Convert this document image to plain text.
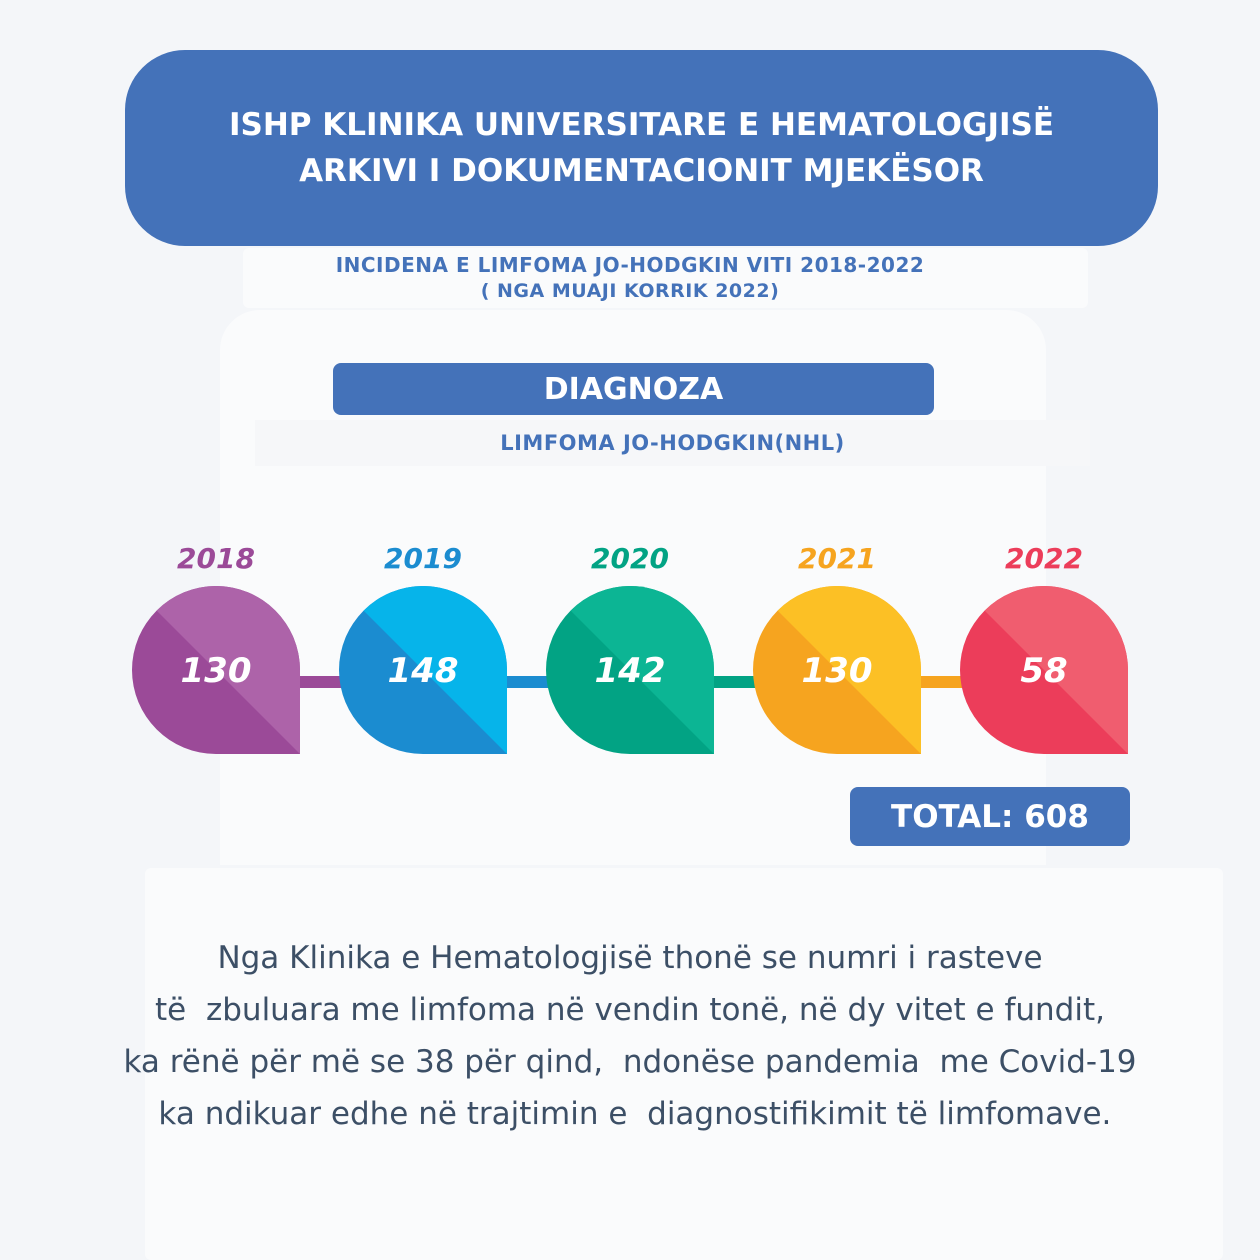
ISHP KLINIKA UNIVERSITARE E HEMATOLOGJISË
ARKIVI I DOKUMENTACIONIT MJEKËSOR
INCIDENA E LIMFOMA JO-HODGKIN VITI 2018-2022
( NGA MUAJI KORRIK 2022)
DIAGNOZA
LIMFOMA JO-HODGKIN(NHL)
130
2018
148
2019
142
2020
130
2021
58
2022
TOTAL: 608
Nga Klinika e Hematologjisë thonë se numri i rasteve
të  zbuluara me limfoma në vendin tonë, në dy vitet e fundit,
ka rënë për më se 38 për qind,  ndonëse pandemia  me Covid-19
ka ndikuar edhe në trajtimin e  diagnostifikimit të limfomave.
